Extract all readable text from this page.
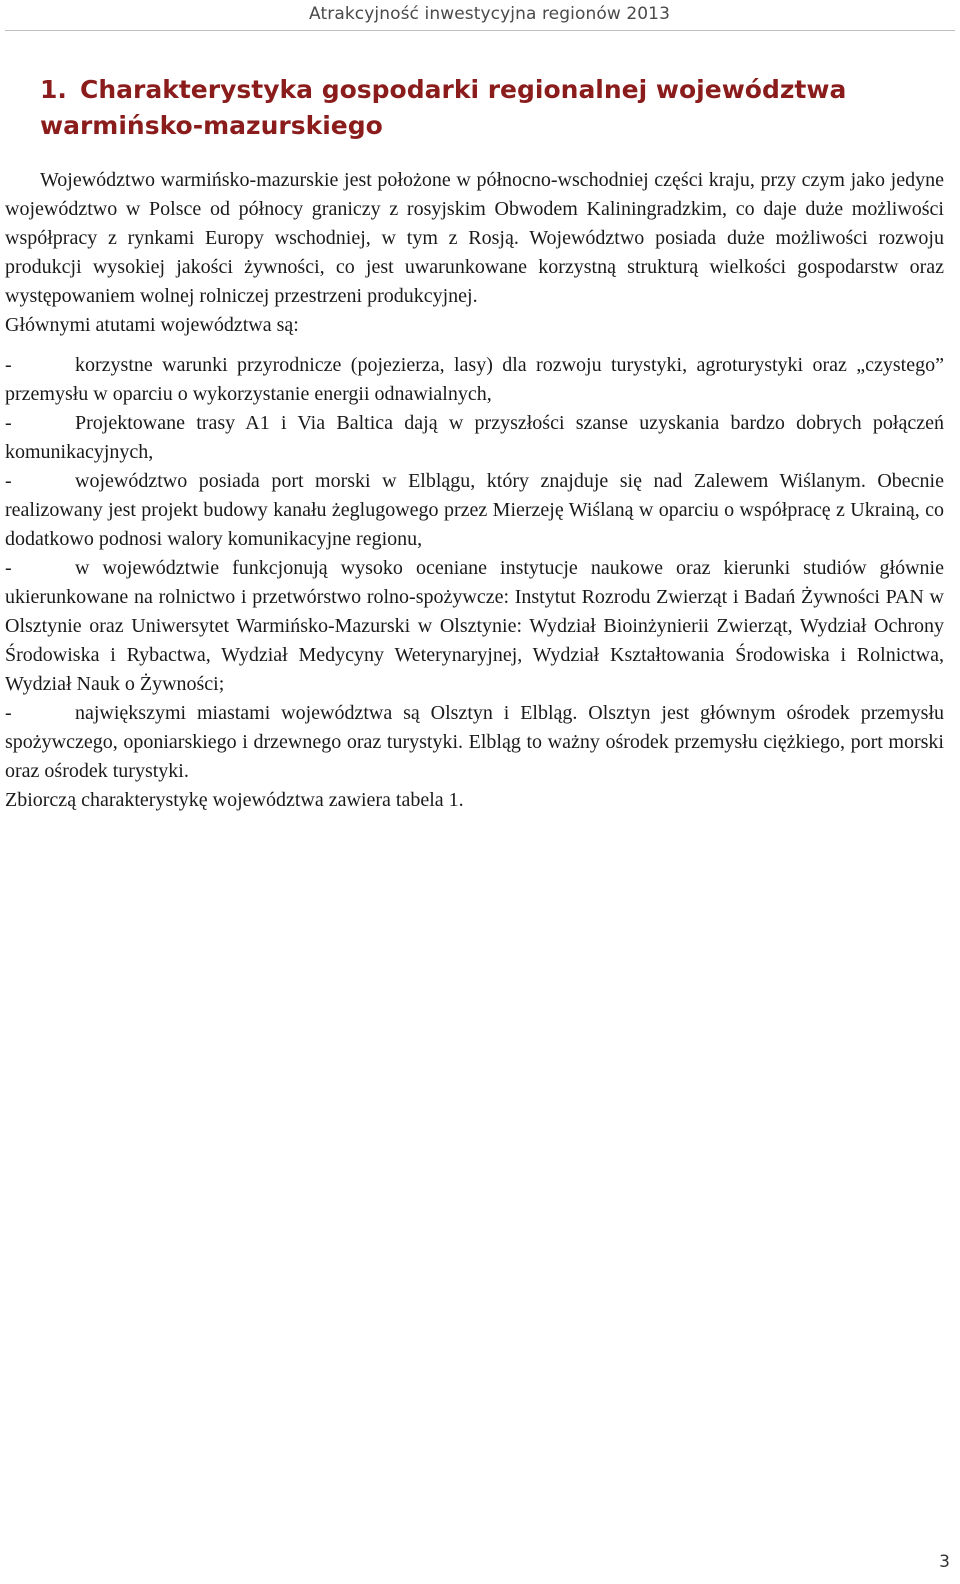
Atrakcyjność inwestycyjna regionów 2013
1. Charakterystyka gospodarki regionalnej województwa warmińsko-mazurskiego

Województwo warmińsko-mazurskie jest położone w północno-wschodniej części kraju, przy czym jako jedyne województwo w Polsce od północy graniczy z rosyjskim Obwodem Kaliningradzkim, co daje duże możliwości współpracy z rynkami Europy wschodniej, w tym z Rosją. Województwo posiada duże możliwości rozwoju produkcji wysokiej jakości żywności, co jest uwarunkowane korzystną strukturą wielkości gospodarstw oraz występowaniem wolnej rolniczej przestrzeni produkcyjnej.

Głównymi atutami województwa są:

-	korzystne warunki przyrodnicze (pojezierza, lasy) dla rozwoju turystyki, agroturystyki oraz „czystego” przemysłu w oparciu o wykorzystanie energii odnawialnych,

-	Projektowane trasy A1 i Via Baltica dają w przyszłości szanse uzyskania bardzo dobrych połączeń komunikacyjnych,

-	województwo posiada port morski w Elblągu, który znajduje się nad Zalewem Wiślanym. Obecnie realizowany jest projekt budowy kanału żeglugowego przez Mierzeję Wiślaną w oparciu o współpracę z Ukrainą, co dodatkowo podnosi walory komunikacyjne regionu,

-	w województwie funkcjonują wysoko oceniane instytucje naukowe oraz kierunki studiów głównie ukierunkowane na rolnictwo i przetwórstwo rolno-spożywcze: Instytut Rozrodu Zwierząt i Badań Żywności PAN w Olsztynie oraz Uniwersytet Warmińsko-Mazurski w Olsztynie: Wydział Bioinżynierii Zwierząt, Wydział Ochrony Środowiska i Rybactwa, Wydział Medycyny Weterynaryjnej, Wydział Kształtowania Środowiska i Rolnictwa, Wydział Nauk o Żywności;

-	największymi miastami województwa są Olsztyn i Elbląg. Olsztyn jest głównym ośrodek przemysłu spożywczego, oponiarskiego i drzewnego oraz turystyki. Elbląg to ważny ośrodek przemysłu ciężkiego, port morski oraz ośrodek turystyki.

Zbiorczą charakterystykę województwa zawiera tabela 1.

3
